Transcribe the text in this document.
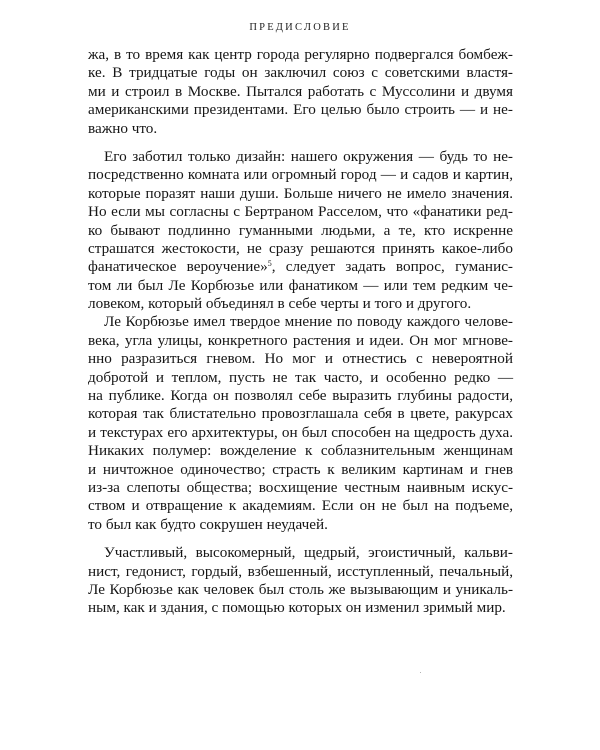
ПРЕДИСЛОВИЕ

жа, в то время как центр города регулярно подвергался бомбеж-
ке. В тридцатые годы он заключил союз с советскими властя-
ми и строил в Москве. Пытался работать с Муссолини и двумя
американскими президентами. Его целью было строить — и не-
важно что.

Его заботил только дизайн: нашего окружения — будь то не-
посредственно комната или огромный город — и садов и картин,
которые поразят наши души. Больше ничего не имело значения.
Но если мы согласны с Бертраном Расселом, что «фанатики ред-
ко бывают подлинно гуманными людьми, а те, кто искренне
страшатся жестокости, не сразу решаются принять какое-либо
фанатическое вероучение»$^5$, следует задать вопрос, гуманис-
том ли был Ле Корбюзье или фанатиком — или тем редким че-
ловеком, который объединял в себе черты и того и другого.

Ле Корбюзье имел твердое мнение по поводу каждого челове-
века, угла улицы, конкретного растения и идеи. Он мог мгнове-
нно разразиться гневом. Но мог и отнестись с невероятной
добротой и теплом, пусть не так часто, и особенно редко —
на публике. Когда он позволял себе выразить глубины радости,
которая так блистательно провозглашала себя в цвете, ракурсах
и текстурах его архитектуры, он был способен на щедрость духа.
Никаких полумер: вожделение к соблазнительным женщинам
и ничтожное одиночество; страсть к великим картинам и гнев
из-за слепоты общества; восхищение честным наивным искус-
ством и отвращение к академиям. Если он не был на подъеме,
то был как будто сокрушен неудачей.

Участливый, высокомерный, щедрый, эгоистичный, кальви-
нист, гедонист, гордый, взбешенный, исступленный, печальный,
Ле Корбюзье как человек был столь же вызывающим и уникаль-
ным, как и здания, с помощью которых он изменил зримый мир.
